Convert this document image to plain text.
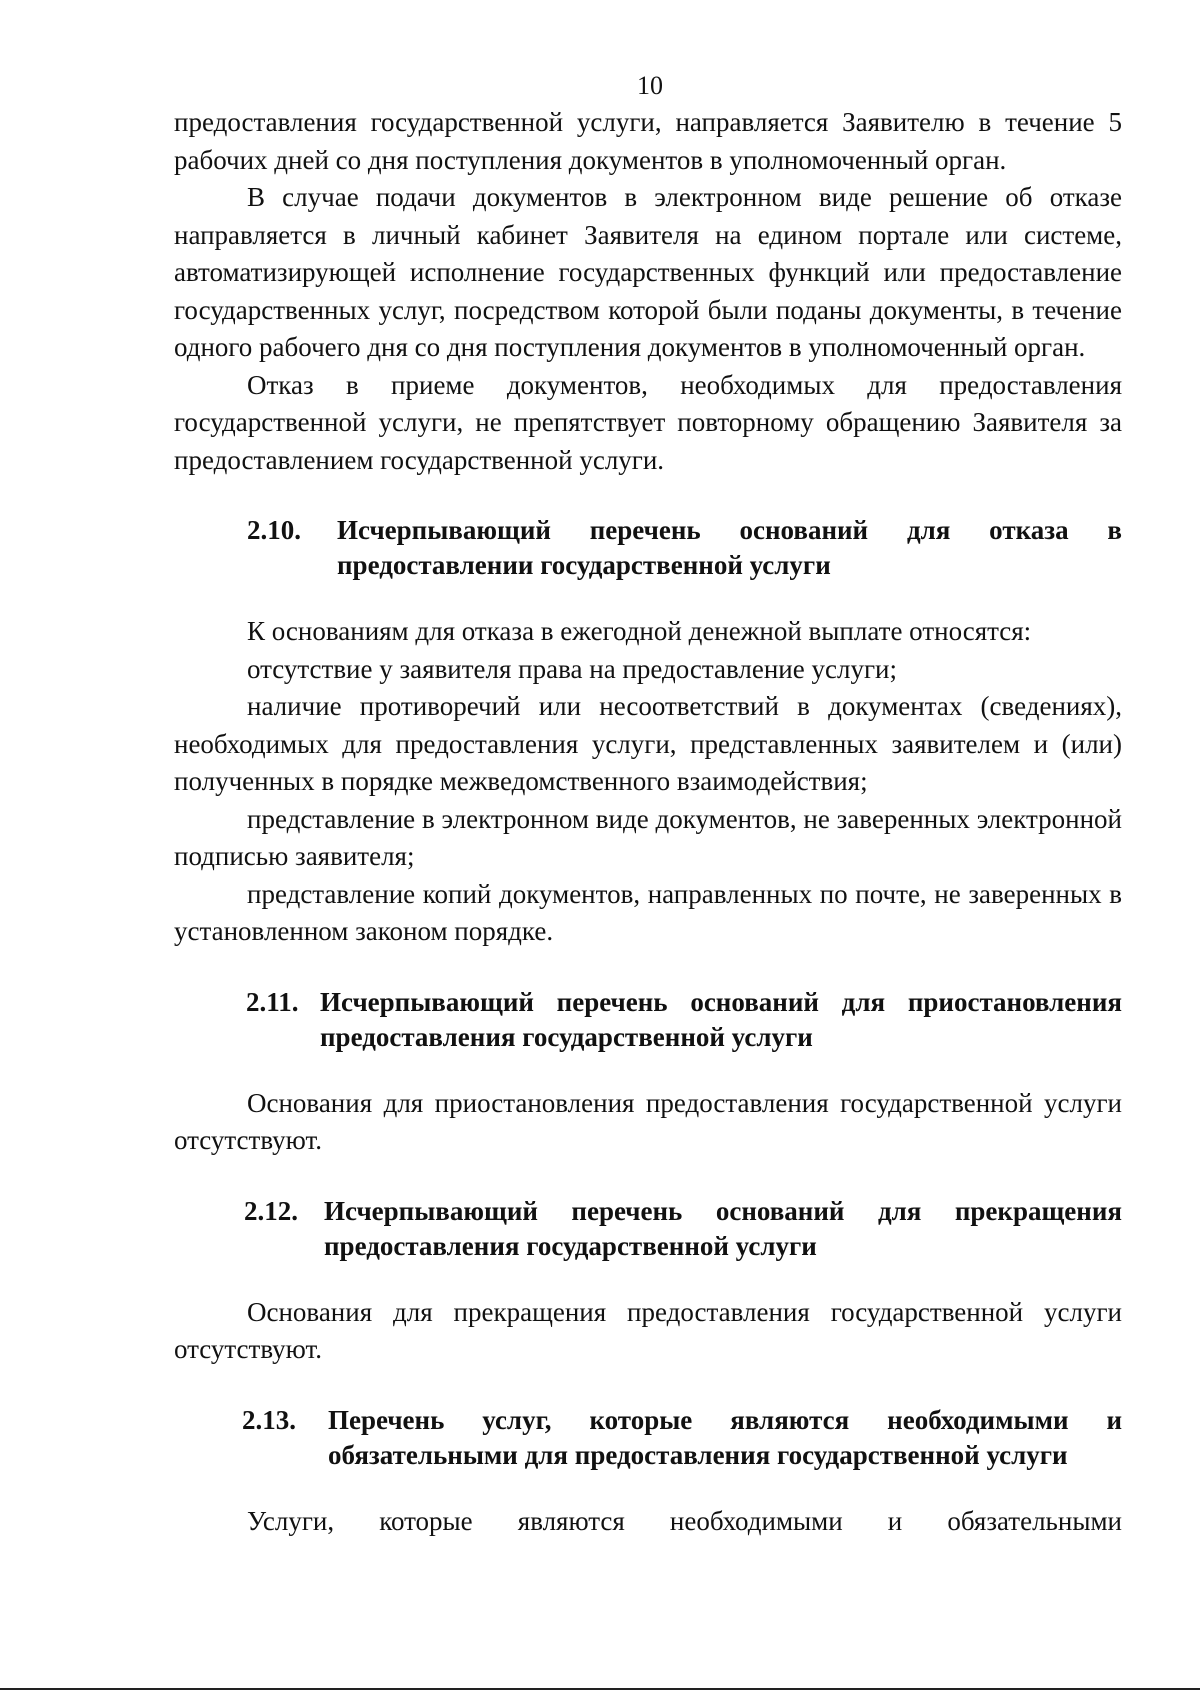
10

предоставления государственной услуги, направляется Заявителю в течение 5 рабочих дней со дня поступления документов в уполномоченный орган.

В случае подачи документов в электронном виде решение об отказе направляется в личный кабинет Заявителя на едином портале или системе, автоматизирующей исполнение государственных функций или предоставление государственных услуг, посредством которой были поданы документы, в течение одного рабочего дня со дня поступления документов в уполномоченный орган.

Отказ в приеме документов, необходимых для предоставления государственной услуги, не препятствует повторному обращению Заявителя за предоставлением государственной услуги.

2.10.	Исчерпывающий перечень оснований для отказа в предоставлении государственной услуги

К основаниям для отказа в ежегодной денежной выплате относятся:

отсутствие у заявителя права на предоставление услуги;

наличие противоречий или несоответствий в документах (сведениях), необходимых для предоставления услуги, представленных заявителем и (или) полученных в порядке межведомственного взаимодействия;

представление в электронном виде документов, не заверенных электронной подписью заявителя;

представление копий документов, направленных по почте, не заверенных в установленном законом порядке.

2.11. Исчерпывающий перечень оснований для приостановления предоставления государственной услуги

Основания для приостановления предоставления государственной услуги отсутствуют.

2.12. Исчерпывающий перечень оснований для прекращения предоставления государственной услуги

Основания для прекращения предоставления государственной услуги отсутствуют.

2.13.	Перечень услуг, которые являются необходимыми и обязательными для предоставления государственной услуги

Услуги, которые являются необходимыми и обязательными
